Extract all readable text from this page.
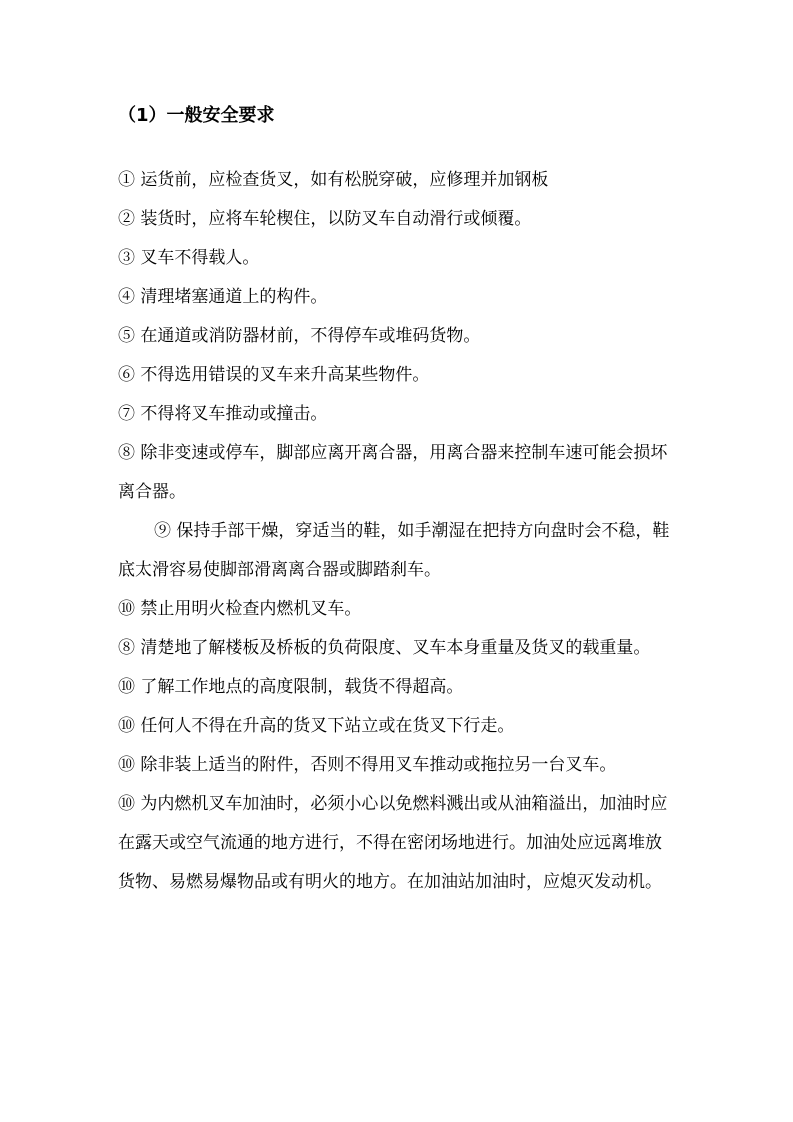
（1）一般安全要求
① 运货前，应检查货叉，如有松脱穿破，应修理并加钢板
② 装货时，应将车轮楔住，以防叉车自动滑行或倾覆。
③ 叉车不得载人。
④ 清理堵塞通道上的构件。
⑤ 在通道或消防器材前，不得停车或堆码货物。
⑥ 不得选用错误的叉车来升高某些物件。
⑦ 不得将叉车推动或撞击。
⑧ 除非变速或停车，脚部应离开离合器，用离合器来控制车速可能会损坏离合器。
⑨ 保持手部干燥，穿适当的鞋，如手潮湿在把持方向盘时会不稳，鞋底太滑容易使脚部滑离离合器或脚踏刹车。
⑩ 禁止用明火检查内燃机叉车。
⑧ 清楚地了解楼板及桥板的负荷限度、叉车本身重量及货叉的载重量。
⑩ 了解工作地点的高度限制，载货不得超高。
⑩ 任何人不得在升高的货叉下站立或在货叉下行走。
⑩ 除非装上适当的附件，否则不得用叉车推动或拖拉另一台叉车。
⑩ 为内燃机叉车加油时，必须小心以免燃料溅出或从油箱溢出，加油时应在露天或空气流通的地方进行，不得在密闭场地进行。加油处应远离堆放货物、易燃易爆物品或有明火的地方。在加油站加油时，应熄灭发动机。
